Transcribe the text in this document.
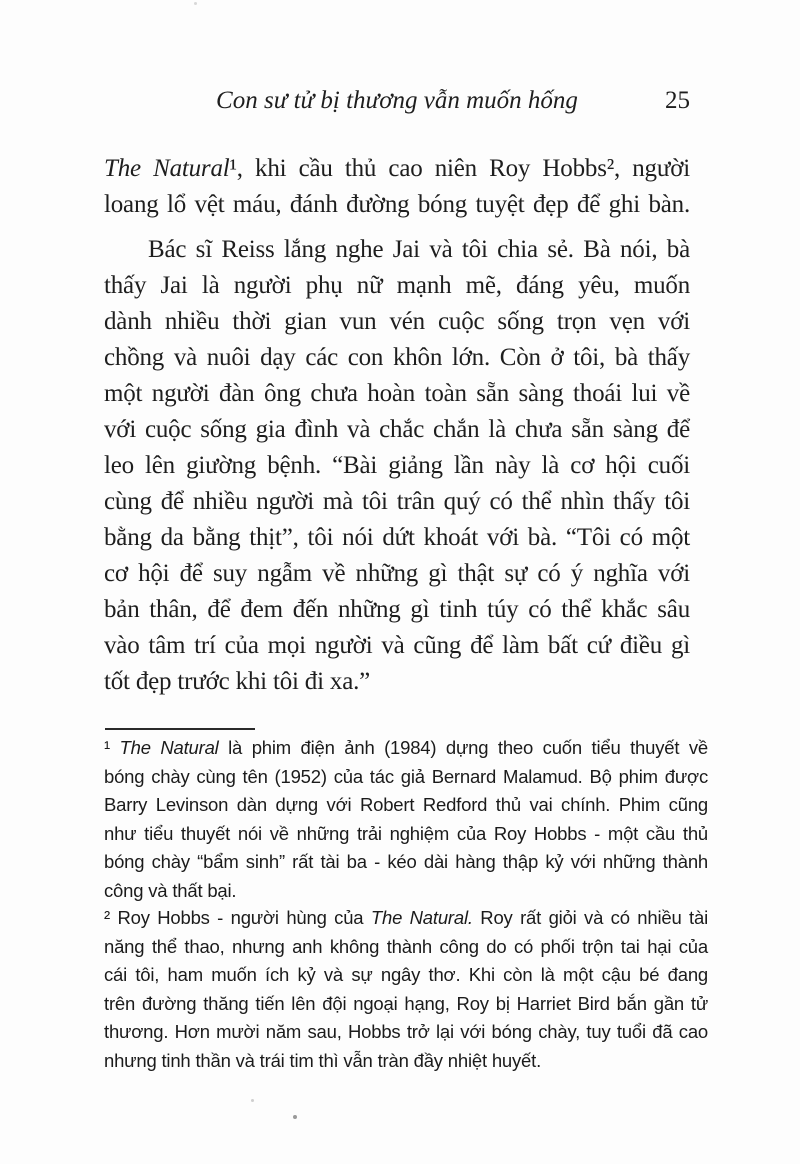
Con sư tử bị thương vẫn muốn hống	25
The Natural¹, khi cầu thủ cao niên Roy Hobbs², người
loang lổ vệt máu, đánh đường bóng tuyệt đẹp để ghi bàn.
Bác sĩ Reiss lắng nghe Jai và tôi chia sẻ. Bà nói, bà
thấy Jai là người phụ nữ mạnh mẽ, đáng yêu, muốn
dành nhiều thời gian vun vén cuộc sống trọn vẹn với
chồng và nuôi dạy các con khôn lớn. Còn ở tôi, bà thấy
một người đàn ông chưa hoàn toàn sẵn sàng thoái lui về
với cuộc sống gia đình và chắc chắn là chưa sẵn sàng để
leo lên giường bệnh. “Bài giảng lần này là cơ hội cuối
cùng để nhiều người mà tôi trân quý có thể nhìn thấy tôi
bằng da bằng thịt”, tôi nói dứt khoát với bà. “Tôi có một
cơ hội để suy ngẫm về những gì thật sự có ý nghĩa với
bản thân, để đem đến những gì tinh túy có thể khắc sâu
vào tâm trí của mọi người và cũng để làm bất cứ điều gì
tốt đẹp trước khi tôi đi xa.”
¹ The Natural là phim điện ảnh (1984) dựng theo cuốn tiểu thuyết về
bóng chày cùng tên (1952) của tác giả Bernard Malamud. Bộ phim được
Barry Levinson dàn dựng với Robert Redford thủ vai chính. Phim cũng
như tiểu thuyết nói về những trải nghiệm của Roy Hobbs - một cầu thủ
bóng chày “bẩm sinh” rất tài ba - kéo dài hàng thập kỷ với những thành
công và thất bại.
² Roy Hobbs - người hùng của The Natural. Roy rất giỏi và có nhiều tài
năng thể thao, nhưng anh không thành công do có phối trộn tai hại của
cái tôi, ham muốn ích kỷ và sự ngây thơ. Khi còn là một cậu bé đang
trên đường thăng tiến lên đội ngoại hạng, Roy bị Harriet Bird bắn gần tử
thương. Hơn mười năm sau, Hobbs trở lại với bóng chày, tuy tuổi đã cao
nhưng tinh thần và trái tim thì vẫn tràn đầy nhiệt huyết.
